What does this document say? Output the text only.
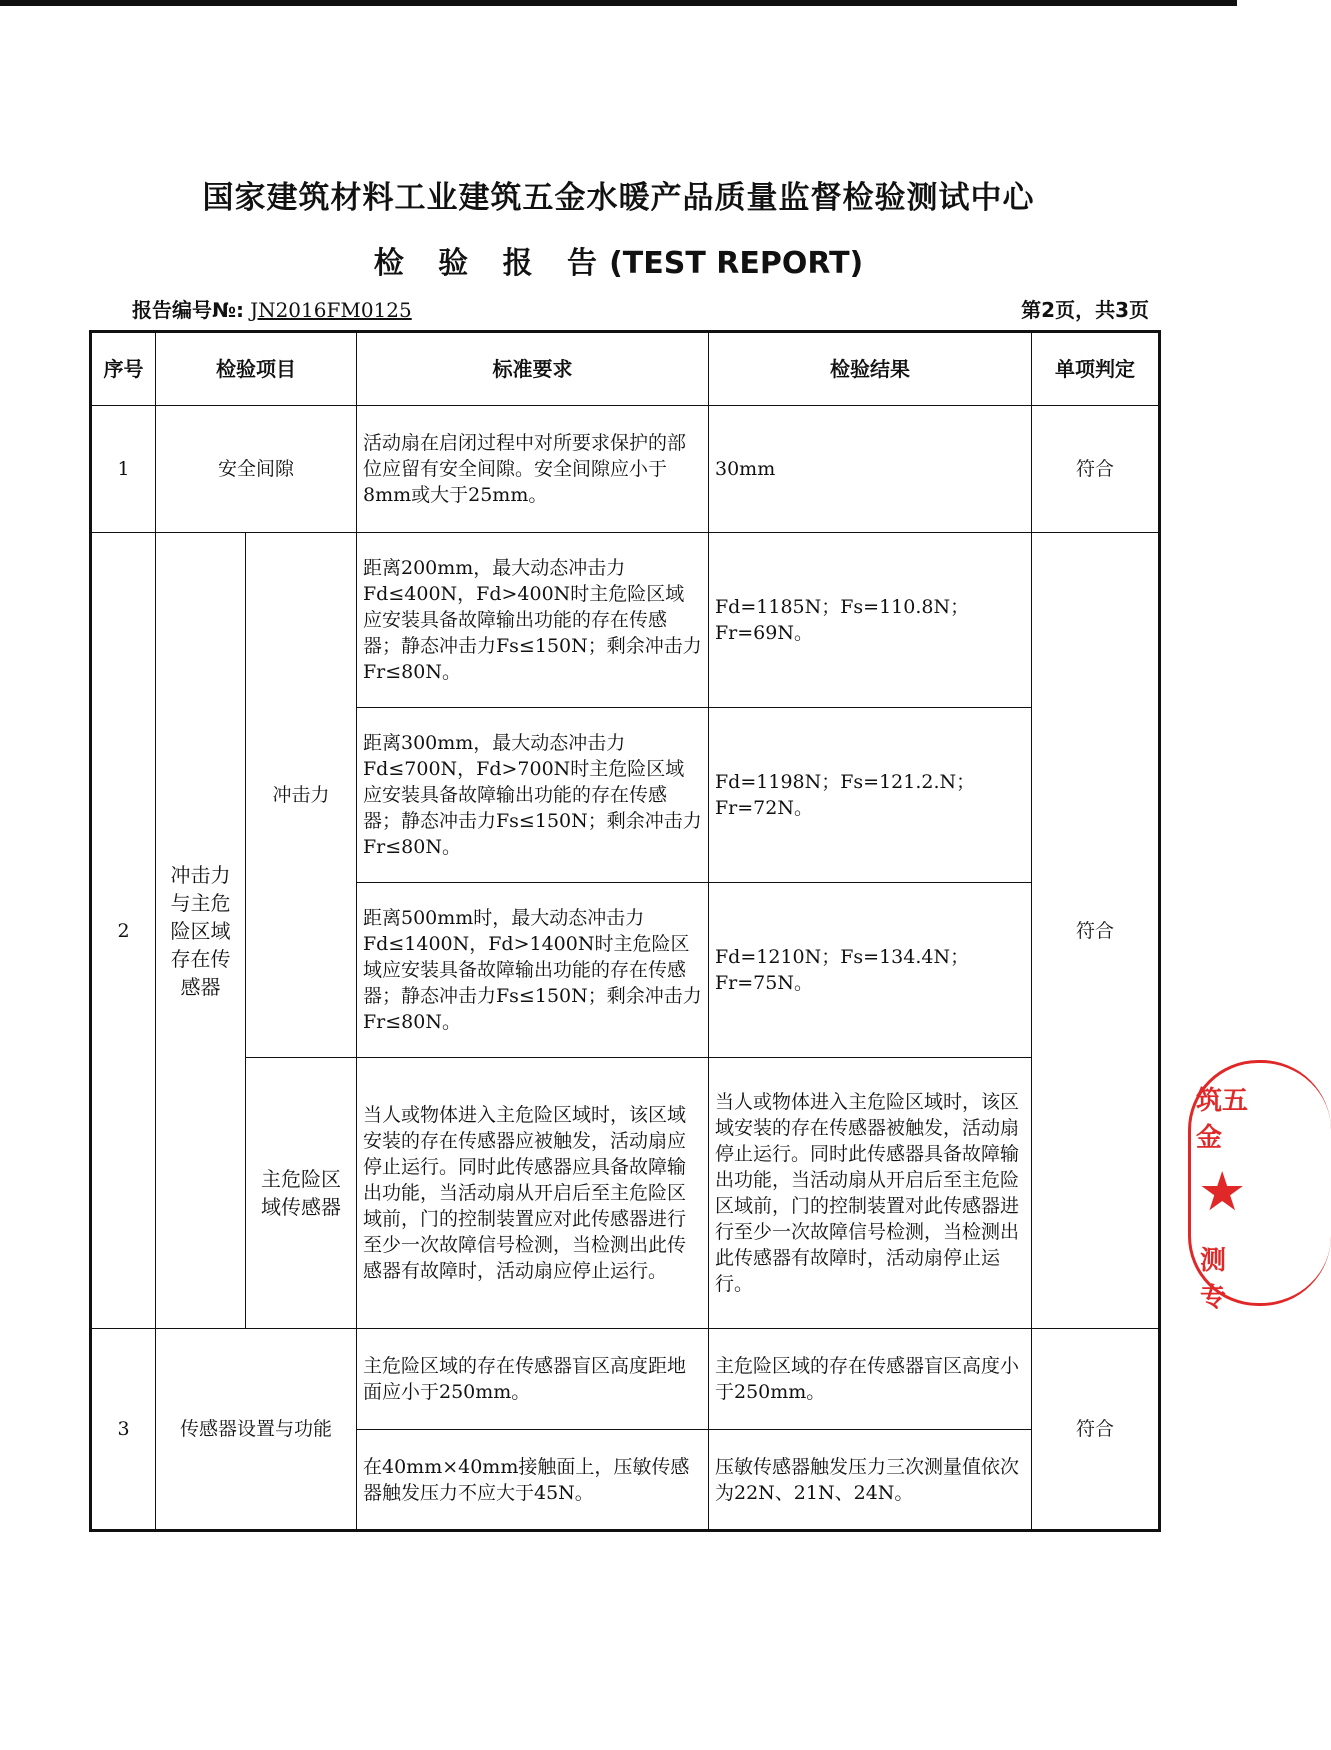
国家建筑材料工业建筑五金水暖产品质量监督检验测试中心
检 验 报 告(TEST REPORT)
报告编号№: JN2016FM0125	第2页，共3页
序号	检验项目		标准要求	检验结果	单项判定
1	安全间隙		活动扇在启闭过程中对所要求保护的部位应留有安全间隙。安全间隙应小于8mm或大于25mm。	30mm	符合
2	冲击力与主危险区域存在传感器	冲击力	距离200mm，最大动态冲击力Fd≤400N，Fd>400N时主危险区域应安装具备故障输出功能的存在传感器；静态冲击力Fs≤150N；剩余冲击力Fr≤80N。	Fd=1185N；Fs=110.8N；Fr=69N。	符合
			距离300mm，最大动态冲击力Fd≤700N，Fd>700N时主危险区域应安装具备故障输出功能的存在传感器；静态冲击力Fs≤150N；剩余冲击力Fr≤80N。	Fd=1198N；Fs=121.2.N；Fr=72N。	
			距离500mm时，最大动态冲击力Fd≤1400N，Fd>1400N时主危险区域应安装具备故障输出功能的存在传感器；静态冲击力Fs≤150N；剩余冲击力Fr≤80N。	Fd=1210N；Fs=134.4N；Fr=75N。	

		主危险区域传感器	当人或物体进入主危险区域时，该区域安装的存在传感器应被触发，活动扇应停止运行。同时此传感器应具备故障输出功能，当活动扇从开启后至主危险区域前，门的控制装置应对此传感器进行至少一次故障信号检测，当检测出此传感器有故障时，活动扇应停止运行。	当人或物体进入主危险区域时，该区域安装的存在传感器被触发，活动扇停止运行。同时此传感器具备故障输出功能，当活动扇从开启后至主危险区域前，门的控制装置对此传感器进行至少一次故障信号检测，当检测出此传感器有故障时，活动扇停止运行。	
3	传感器设置与功能		主危险区域的存在传感器盲区高度距地面应小于250mm。	主危险区域的存在传感器盲区高度小于250mm。	符合
			在40mm×40mm接触面上，压敏传感器触发压力不应大于45N。	压敏传感器触发压力三次测量值依次为22N、21N、24N。	
筑五金
★
测专
